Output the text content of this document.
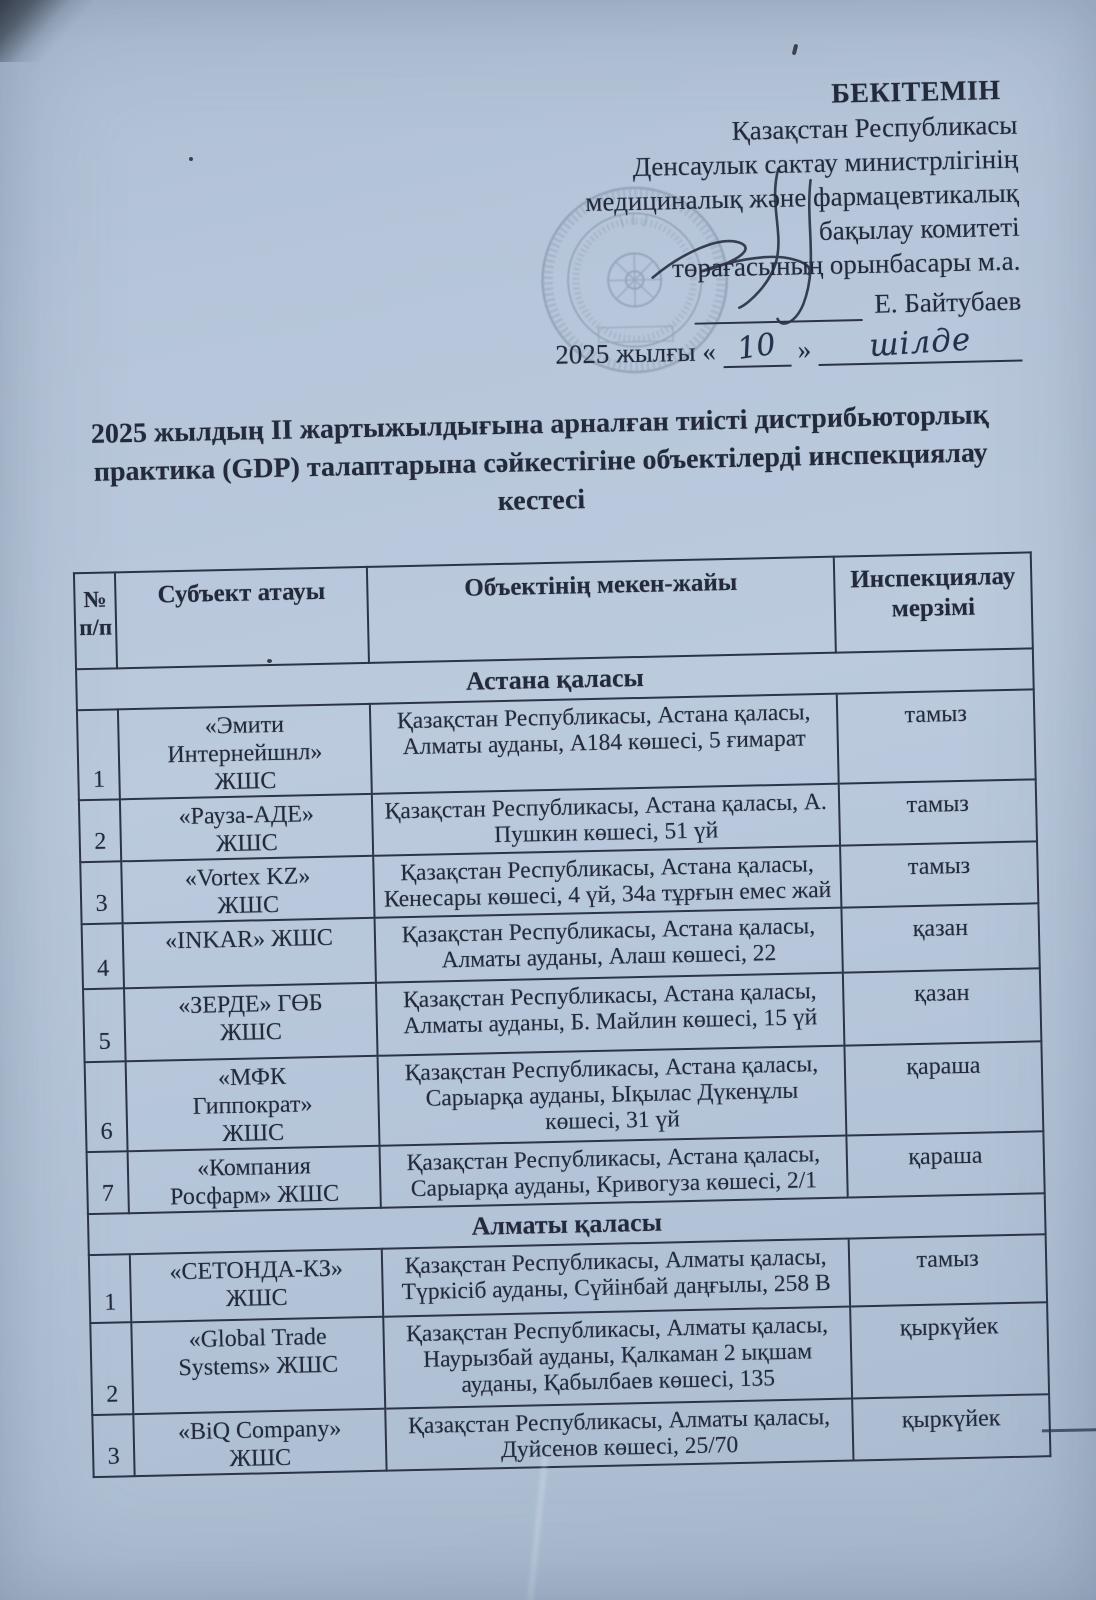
БЕКІТЕМІН
Қазақстан Республикасы
Денсаулык сактау министрлігінің
медициналық және фармацевтикалық
бақылау комитеті
төрағасының орынбасары м.а.
Е. Байтубаев
2025 жылғы « 10 »	шілде
2025 жылдың II жартыжылдығына арналған тиісті дистрибьюторлық
практика (GDP) талаптарына сәйкестігіне объектілерді инспекциялау
кестесі
№ п/п	Субъект атауы	Объектінің мекен-жайы	Инспекциялау мерзімі
Астана қаласы			
1	«Эмити Интернейшнл» ЖШС	Қазақстан Республикасы, Астана қаласы, Алматы ауданы, А184 көшесі, 5 ғимарат	тамыз
2	«Рауза-АДЕ» ЖШС	Қазақстан Республикасы, Астана қаласы, А. Пушкин көшесі, 51 үй	тамыз
3	«Vortex KZ» ЖШС	Қазақстан Республикасы, Астана қаласы, Кенесары көшесі, 4 үй, 34а тұрғын емес жай	тамыз
4	«INKAR» ЖШС	Қазақстан Республикасы, Астана қаласы, Алматы ауданы, Алаш көшесі, 22	қазан
5	«ЗЕРДЕ» ГӨБ ЖШС	Қазақстан Республикасы, Астана қаласы, Алматы ауданы, Б. Майлин көшесі, 15 үй	қазан
6	«МФК Гиппократ» ЖШС	Қазақстан Республикасы, Астана қаласы, Сарыарқа ауданы, Ықылас Дүкенұлы көшесі, 31 үй	қараша
7	«Компания Росфарм» ЖШС	Қазақстан Республикасы, Астана қаласы, Сарыарқа ауданы, Кривогуза көшесі, 2/1	қараша
Алматы қаласы			
1	«СЕТОНДА-КЗ» ЖШС	Қазақстан Республикасы, Алматы қаласы, Түркісіб ауданы, Сүйінбай даңғылы, 258 В	тамыз
2	«Global Trade Systems» ЖШС	Қазақстан Республикасы, Алматы қаласы, Наурызбай ауданы, Қалкаман 2 ықшам ауданы, Қабылбаев көшесі, 135	қыркүйек
3	«BiQ Company» ЖШС	Қазақстан Республикасы, Алматы қаласы, Дуйсенов көшесі, 25/70	қыркүйек
